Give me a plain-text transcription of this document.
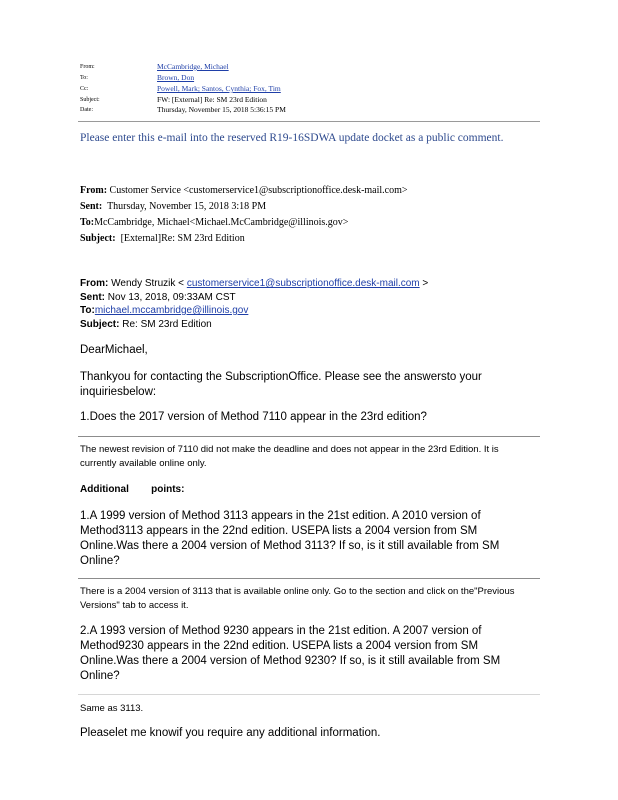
From:	McCambridge, Michael
To:	Brown, Don
Cc:	Powell, Mark; Santos, Cynthia; Fox, Tim
Subject:	FW: [External] Re: SM 23rd Edition
Date:	Thursday, November 15, 2018 5:36:15 PM
Please enter this e-mail into the reserved R19-16SDWA update docket as a public comment.
From: Customer Service <customerservice1@subscriptionoffice.desk-mail.com>
Sent: Thursday, November 15, 2018 3:18 PM
To:McCambridge, Michael<Michael.McCambridge@illinois.gov>
Subject: [External]Re: SM 23rd Edition
From: Wendy Struzik < customerservice1@subscriptionoffice.desk-mail.com >
Sent: Nov 13, 2018, 09:33AM CST
To:michael.mccambridge@illinois.gov
Subject: Re: SM 23rd Edition
DearMichael,
Thankyou for contacting the SubscriptionOffice. Please see the answersto your inquiriesbelow:
1.Does the 2017 version of Method 7110 appear in the 23rd edition?
The newest revision of 7110 did not make the deadline and does not appear in the 23rd Edition. It is currently available online only.
Additional        points:
1.A 1999 version of Method 3113 appears in the 21st edition. A 2010 version of Method3113 appears in the 22nd edition. USEPA lists a 2004 version from SM Online.Was there a 2004 version of Method 3113? If so, is it still available from SM Online?
There is a 2004 version of 3113 that is available online only. Go to the section and click on the"Previous Versions" tab to access it.
2.A 1993 version of Method 9230 appears in the 21st edition. A 2007 version of Method9230 appears in the 22nd edition. USEPA lists a 2004 version from SM Online.Was there a 2004 version of Method 9230? If so, is it still available from SM Online?
Same as 3113.
Pleaselet me knowif you require any additional information.
